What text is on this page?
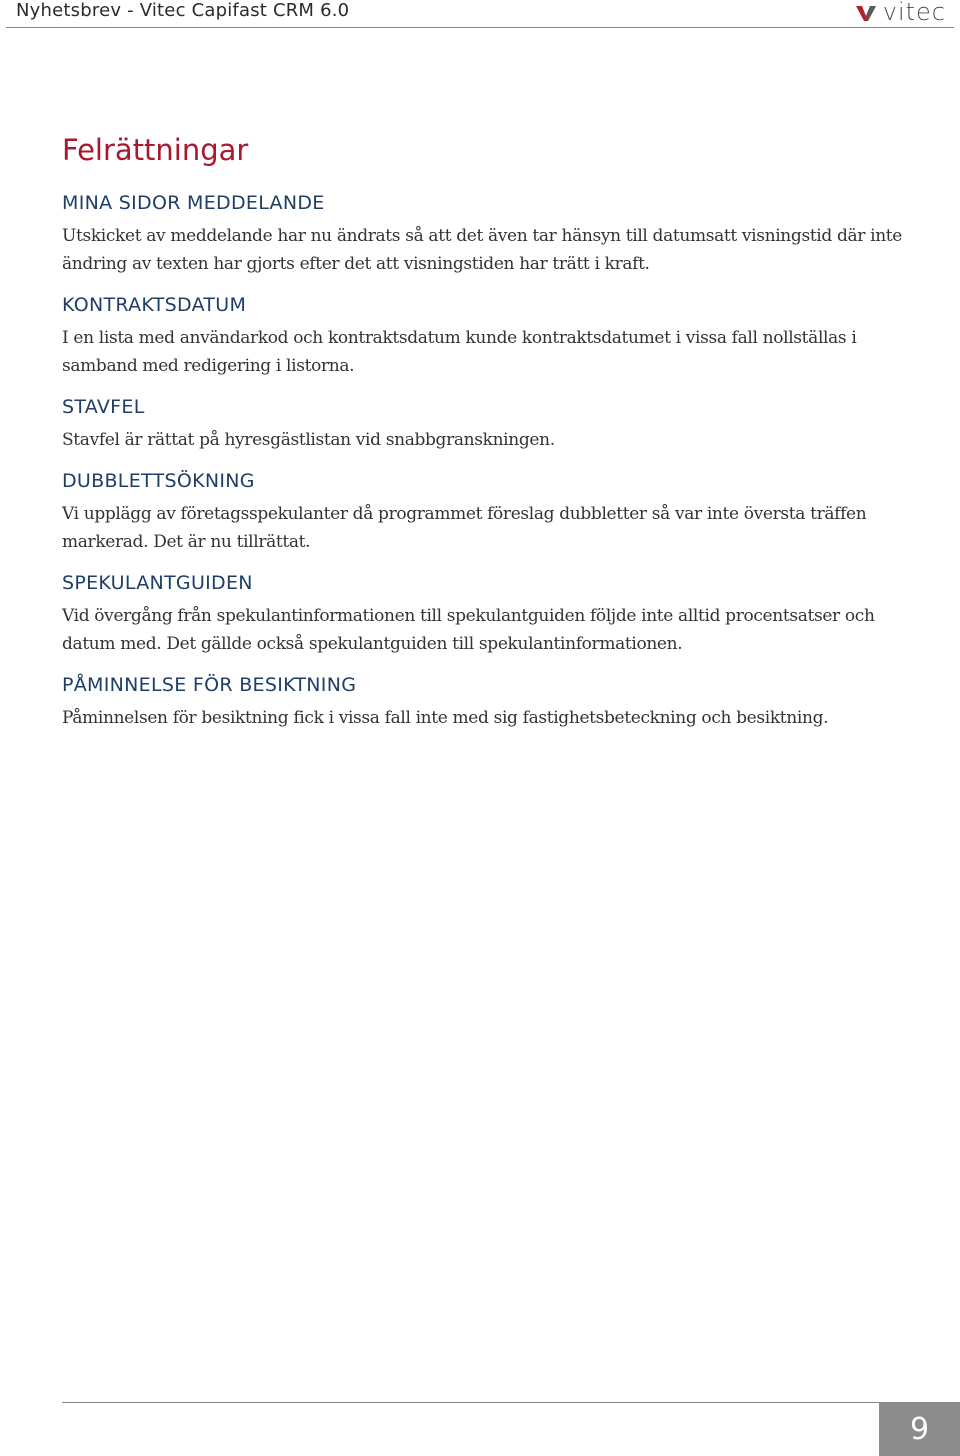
Nyhetsbrev - Vitec Capifast CRM 6.0	vitec
Felrättningar
MINA SIDOR MEDDELANDE

Utskicket av meddelande har nu ändrats så att det även tar hänsyn till datumsatt visningstid där inte ändring av texten har gjorts efter det att visningstiden har trätt i kraft.

KONTRAKTSDATUM

I en lista med användarkod och kontraktsdatum kunde kontraktsdatumet i vissa fall nollställas i samband med redigering i listorna.

STAVFEL

Stavfel är rättat på hyresgästlistan vid snabbgranskningen.

DUBBLETTSÖKNING

Vi upplägg av företagsspekulanter då programmet föreslag dubbletter så var inte översta träffen markerad. Det är nu tillrättat.

SPEKULANTGUIDEN

Vid övergång från spekulantinformationen till spekulantguiden följde inte alltid procentsatser och datum med. Det gällde också spekulantguiden till spekulantinformationen.

PÅMINNELSE FÖR BESIKTNING

Påminnelsen för besiktning fick i vissa fall inte med sig fastighetsbeteckning och besiktning.

9
